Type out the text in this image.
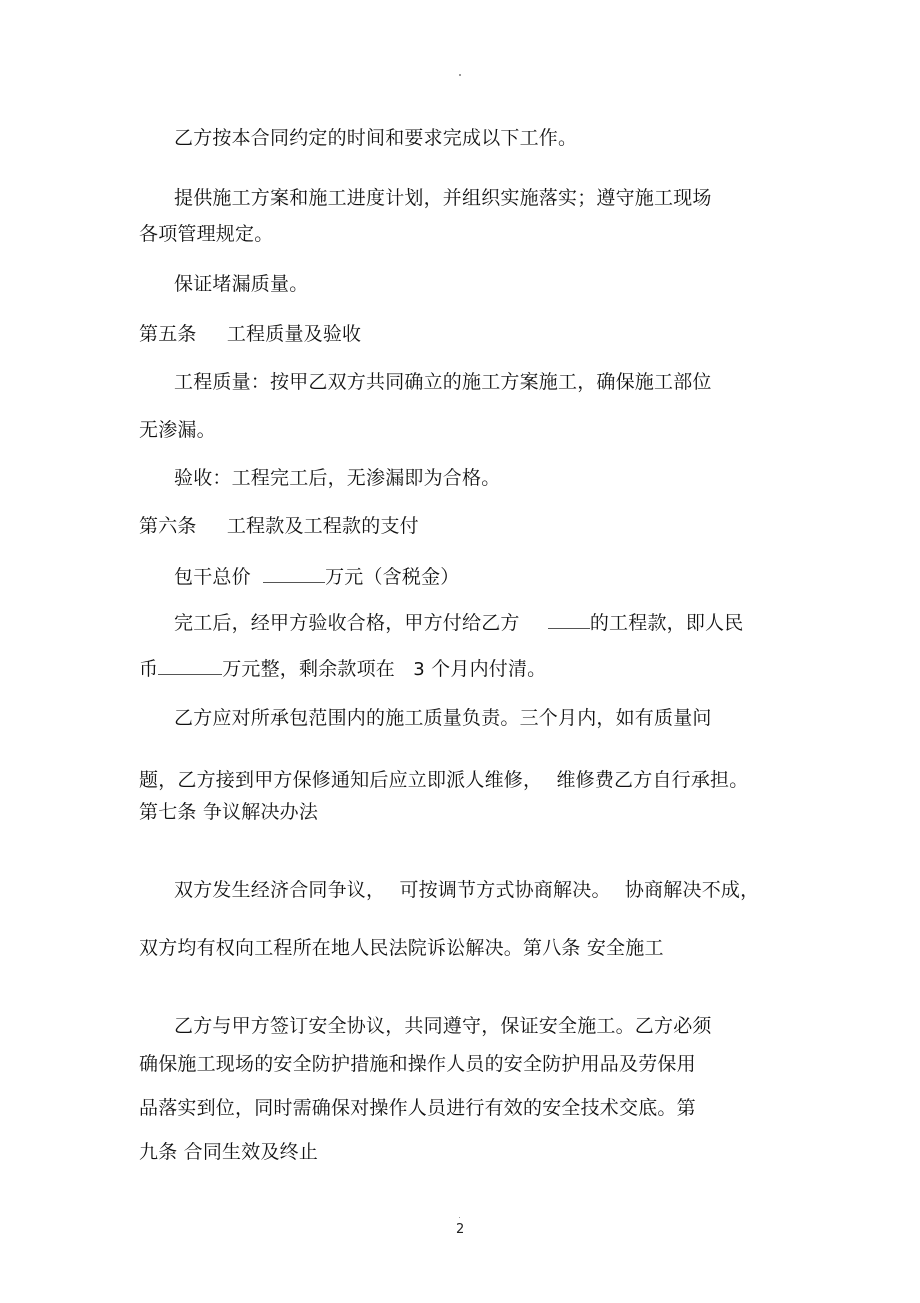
乙方按本合同约定的时间和要求完成以下工作。
提供施工方案和施工进度计划，并组织实施落实；遵守施工现场
各项管理规定。
保证堵漏质量。
第五条 工程质量及验收
工程质量：按甲乙双方共同确立的施工方案施工，确保施工部位
无渗漏。
验收：工程完工后，无渗漏即为合格。
第六条 工程款及工程款的支付
包干总价	万元（含税金）
完工后，经甲方验收合格，甲方付给乙方	的工程款，即人民
币	万元整，剩余款项在 3 个月内付清。
乙方应对所承包范围内的施工质量负责。三个月内，如有质量问
题，乙方接到甲方保修通知后应立即派人维修， 维修费乙方自行承担。
第七条 争议解决办法
双方发生经济合同争议， 可按调节方式协商解决。 协商解决不成，
双方均有权向工程所在地人民法院诉讼解决。第八条 安全施工
乙方与甲方签订安全协议，共同遵守，保证安全施工。乙方必须
确保施工现场的安全防护措施和操作人员的安全防护用品及劳保用
品落实到位，同时需确保对操作人员进行有效的安全技术交底。第
九条 合同生效及终止
2
